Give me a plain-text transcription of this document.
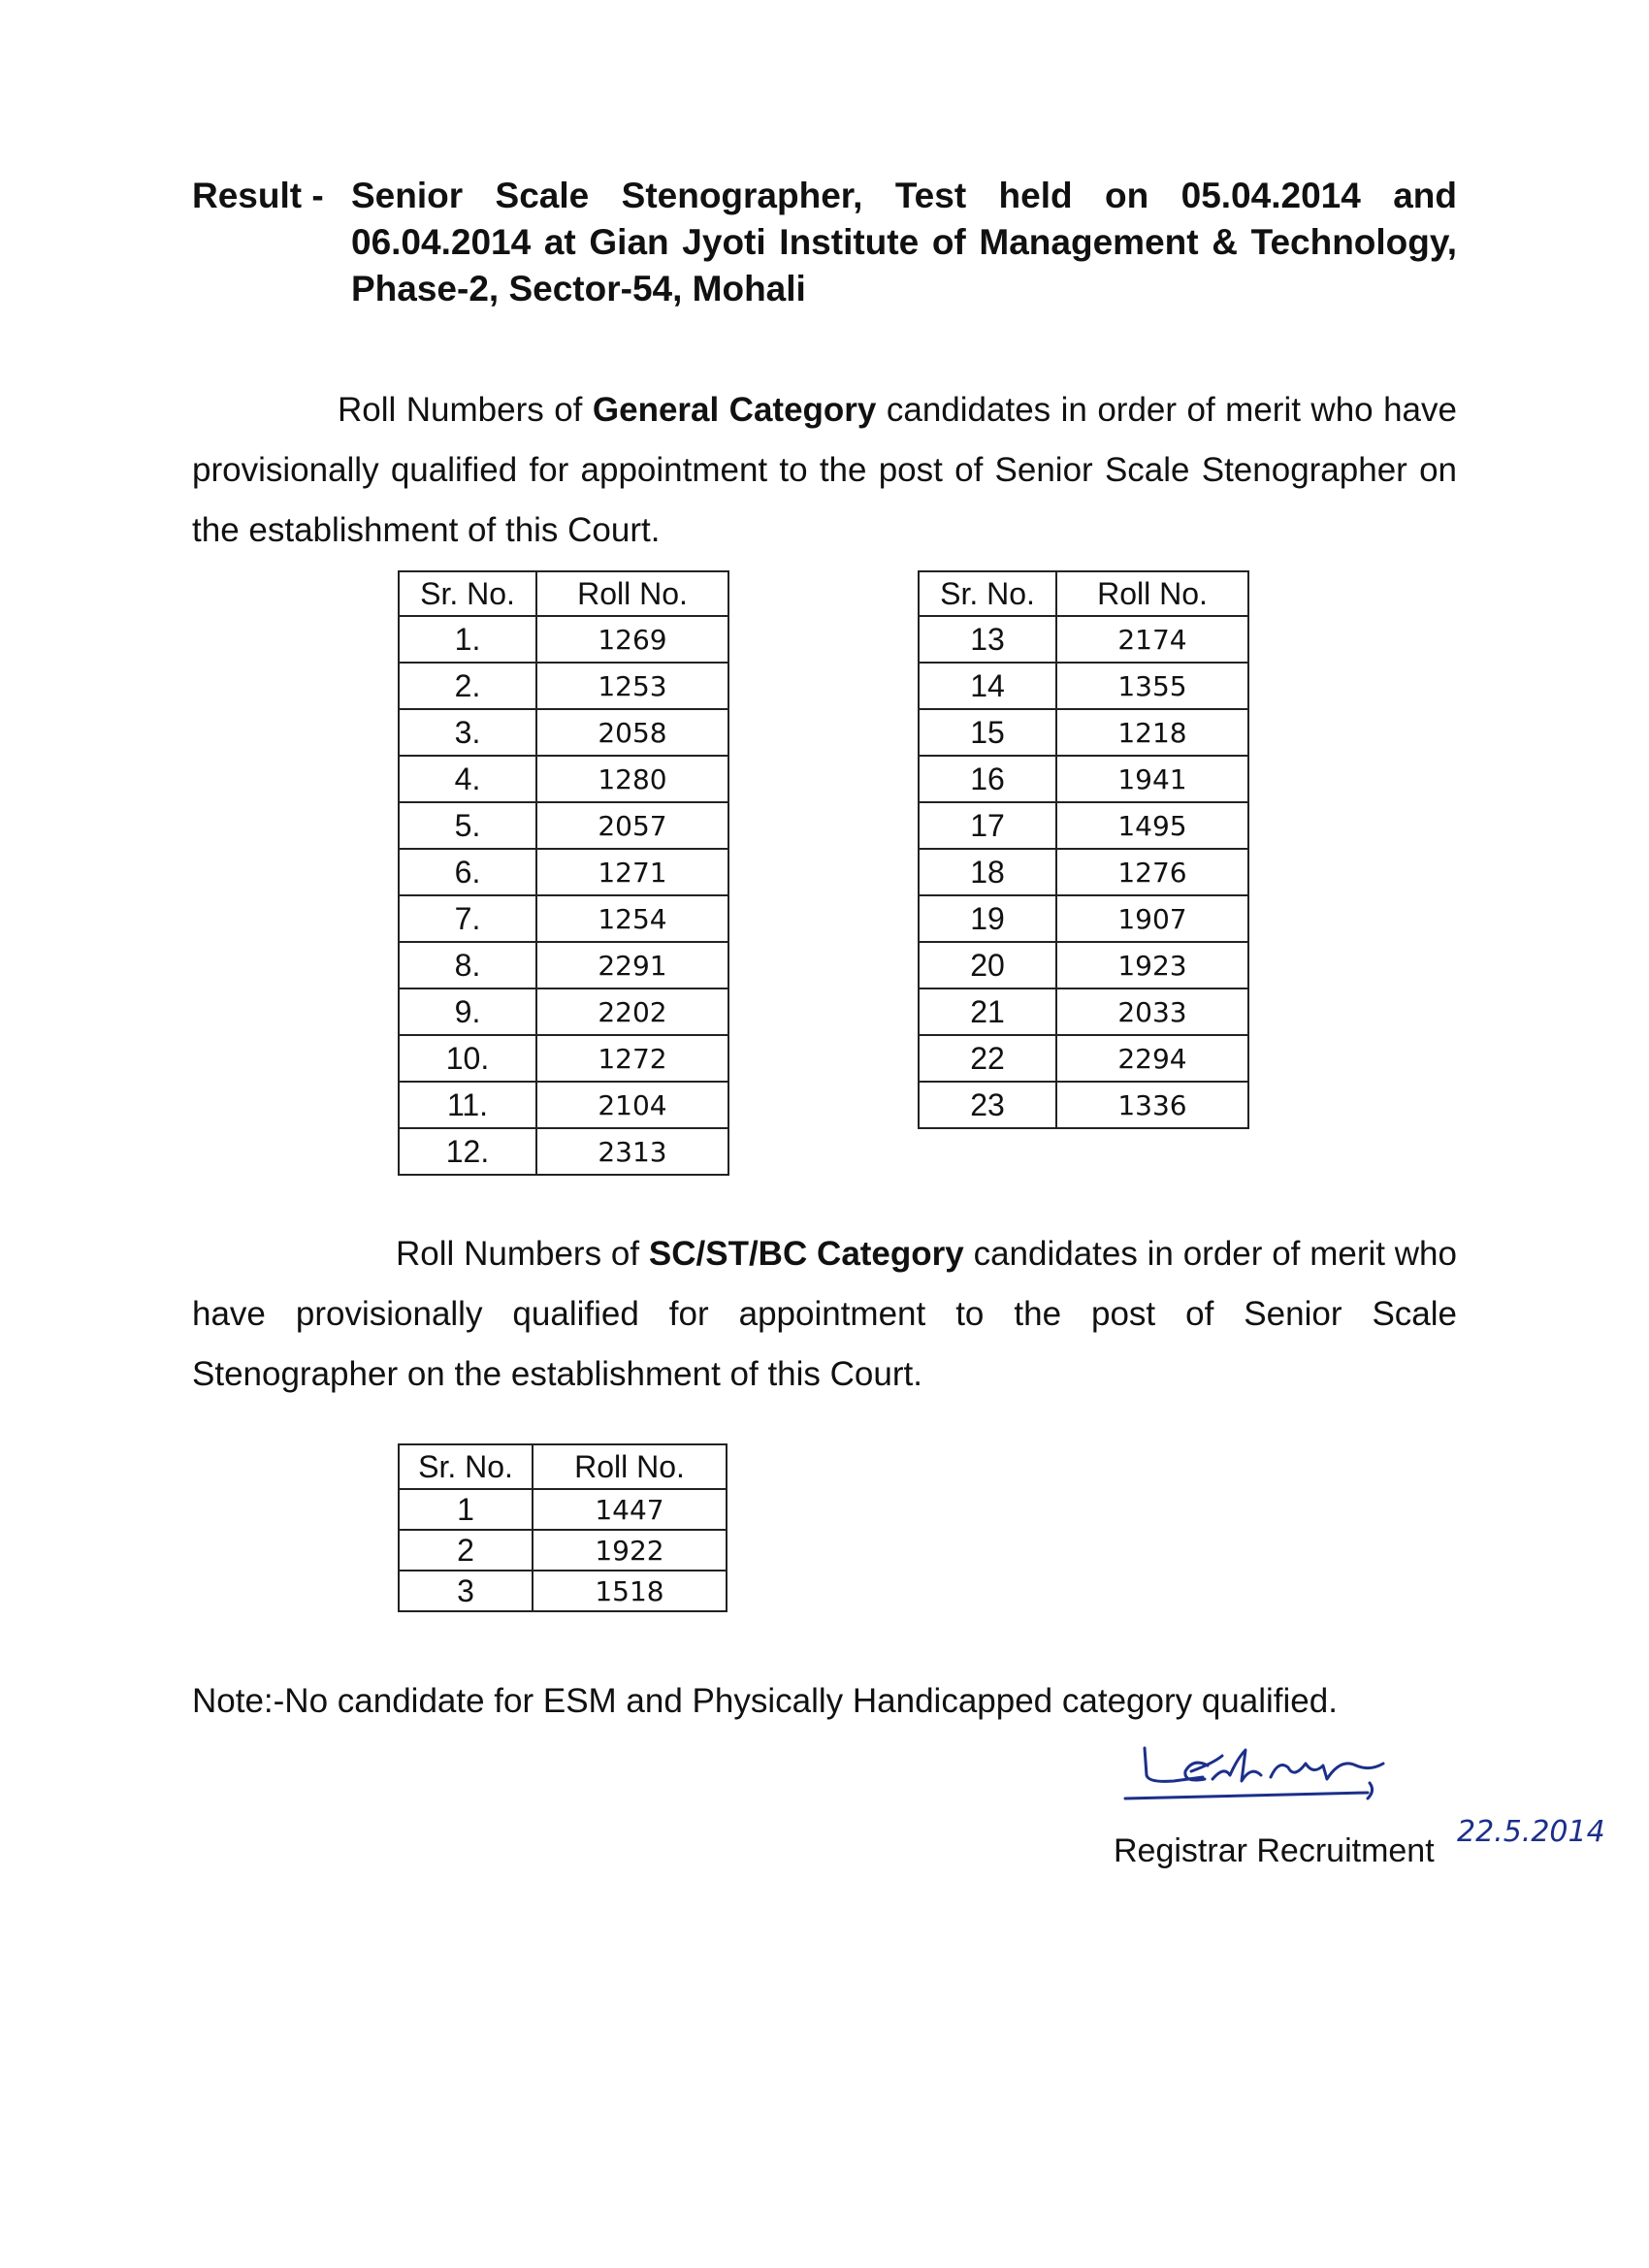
Result - Senior Scale Stenographer, Test held on 05.04.2014 and 06.04.2014 at Gian Jyoti Institute of Management & Technology, Phase-2, Sector-54, Mohali
Roll Numbers of General Category candidates in order of merit who have provisionally qualified for appointment to the post of Senior Scale Stenographer on the establishment of this Court.
Sr. No.	Roll No.
1.	1269
2.	1253
3.	2058
4.	1280
5.	2057
6.	1271
7.	1254
8.	2291
9.	2202
10.	1272
11.	2104
12.	2313
Sr. No.	Roll No.
13	2174
14	1355
15	1218
16	1941
17	1495
18	1276
19	1907
20	1923
21	2033
22	2294
23	1336
Roll Numbers of SC/ST/BC Category candidates in order of merit who have provisionally qualified for appointment to the post of Senior Scale Stenographer on the establishment of this Court.
Sr. No.	Roll No.
1	1447
2	1922
3	1518
Note:-No candidate for ESM and Physically Handicapped category qualified.
22.5.2014
Registrar Recruitment
